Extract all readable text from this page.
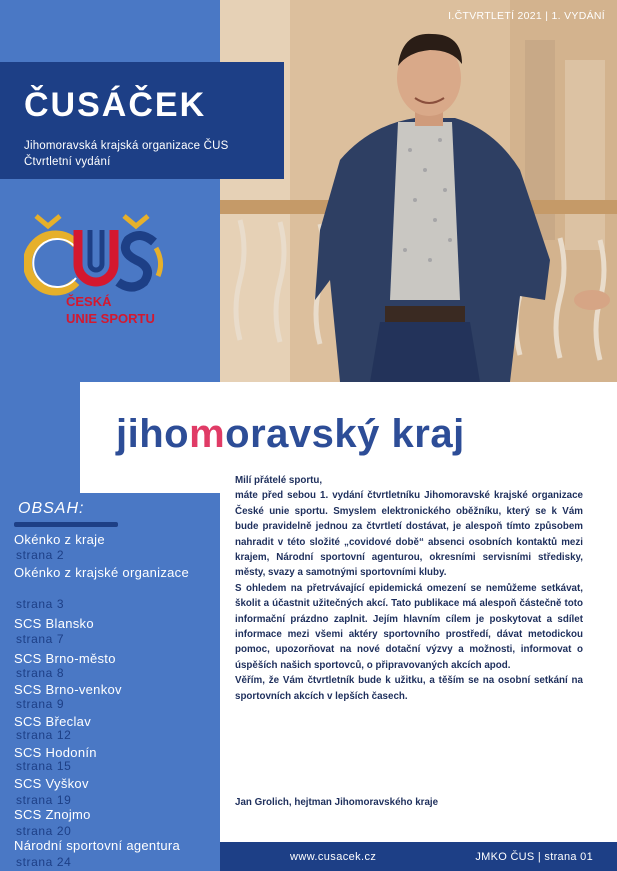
I.ČTVRTLETÍ 2021 | 1. VYDÁNÍ
ČUSÁČEK
Jihomoravská krajská organizace ČUS
Čtvrtletní vydání
ČESKÁ
UNIE SPORTU
jihomoravský kraj
OBSAH:
Okénko z kraje
strana 2
Okénko z krajské organizace
strana 3
SCS Blansko
strana 7
SCS Brno-město
strana 8
SCS Brno-venkov
strana 9
SCS Břeclav
strana 12
SCS Hodonín
strana 15
SCS Vyškov
strana 19
SCS Znojmo
strana 20
Národní sportovní agentura
strana 24

Milí přátelé sportu,

máte před sebou 1. vydání čtvrtletníku Jihomoravské krajské organizace České unie sportu. Smyslem elektronického oběžníku, který se k Vám bude pravidelně jednou za čtvrtletí dostávat, je alespoň tímto způsobem nahradit v této složité „covidové době“ absenci osobních kontaktů mezi krajem, Národní sportovní agenturou, okresními servisními středisky, městy, svazy a samotnými sportovními kluby.

S ohledem na přetrvávající epidemická omezení se nemůžeme setkávat, školit a účastnit užitečných akcí. Tato publikace má alespoň částečně toto informační prázdno zaplnit. Jejím hlavním cílem je poskytovat a sdílet informace mezi všemi aktéry sportovního prostředí, dávat metodickou pomoc, upozorňovat na nové dotační výzvy a možnosti, informovat o úspěších našich sportovců, o připravovaných akcích apod.

Věřím, že Vám čtvrtletník bude k užitku, a těším se na osobní setkání na sportovních akcích v lepších časech.

Jan Grolich, hejtman Jihomoravského kraje
www.cusacek.cz	JMKO ČUS | strana 01
